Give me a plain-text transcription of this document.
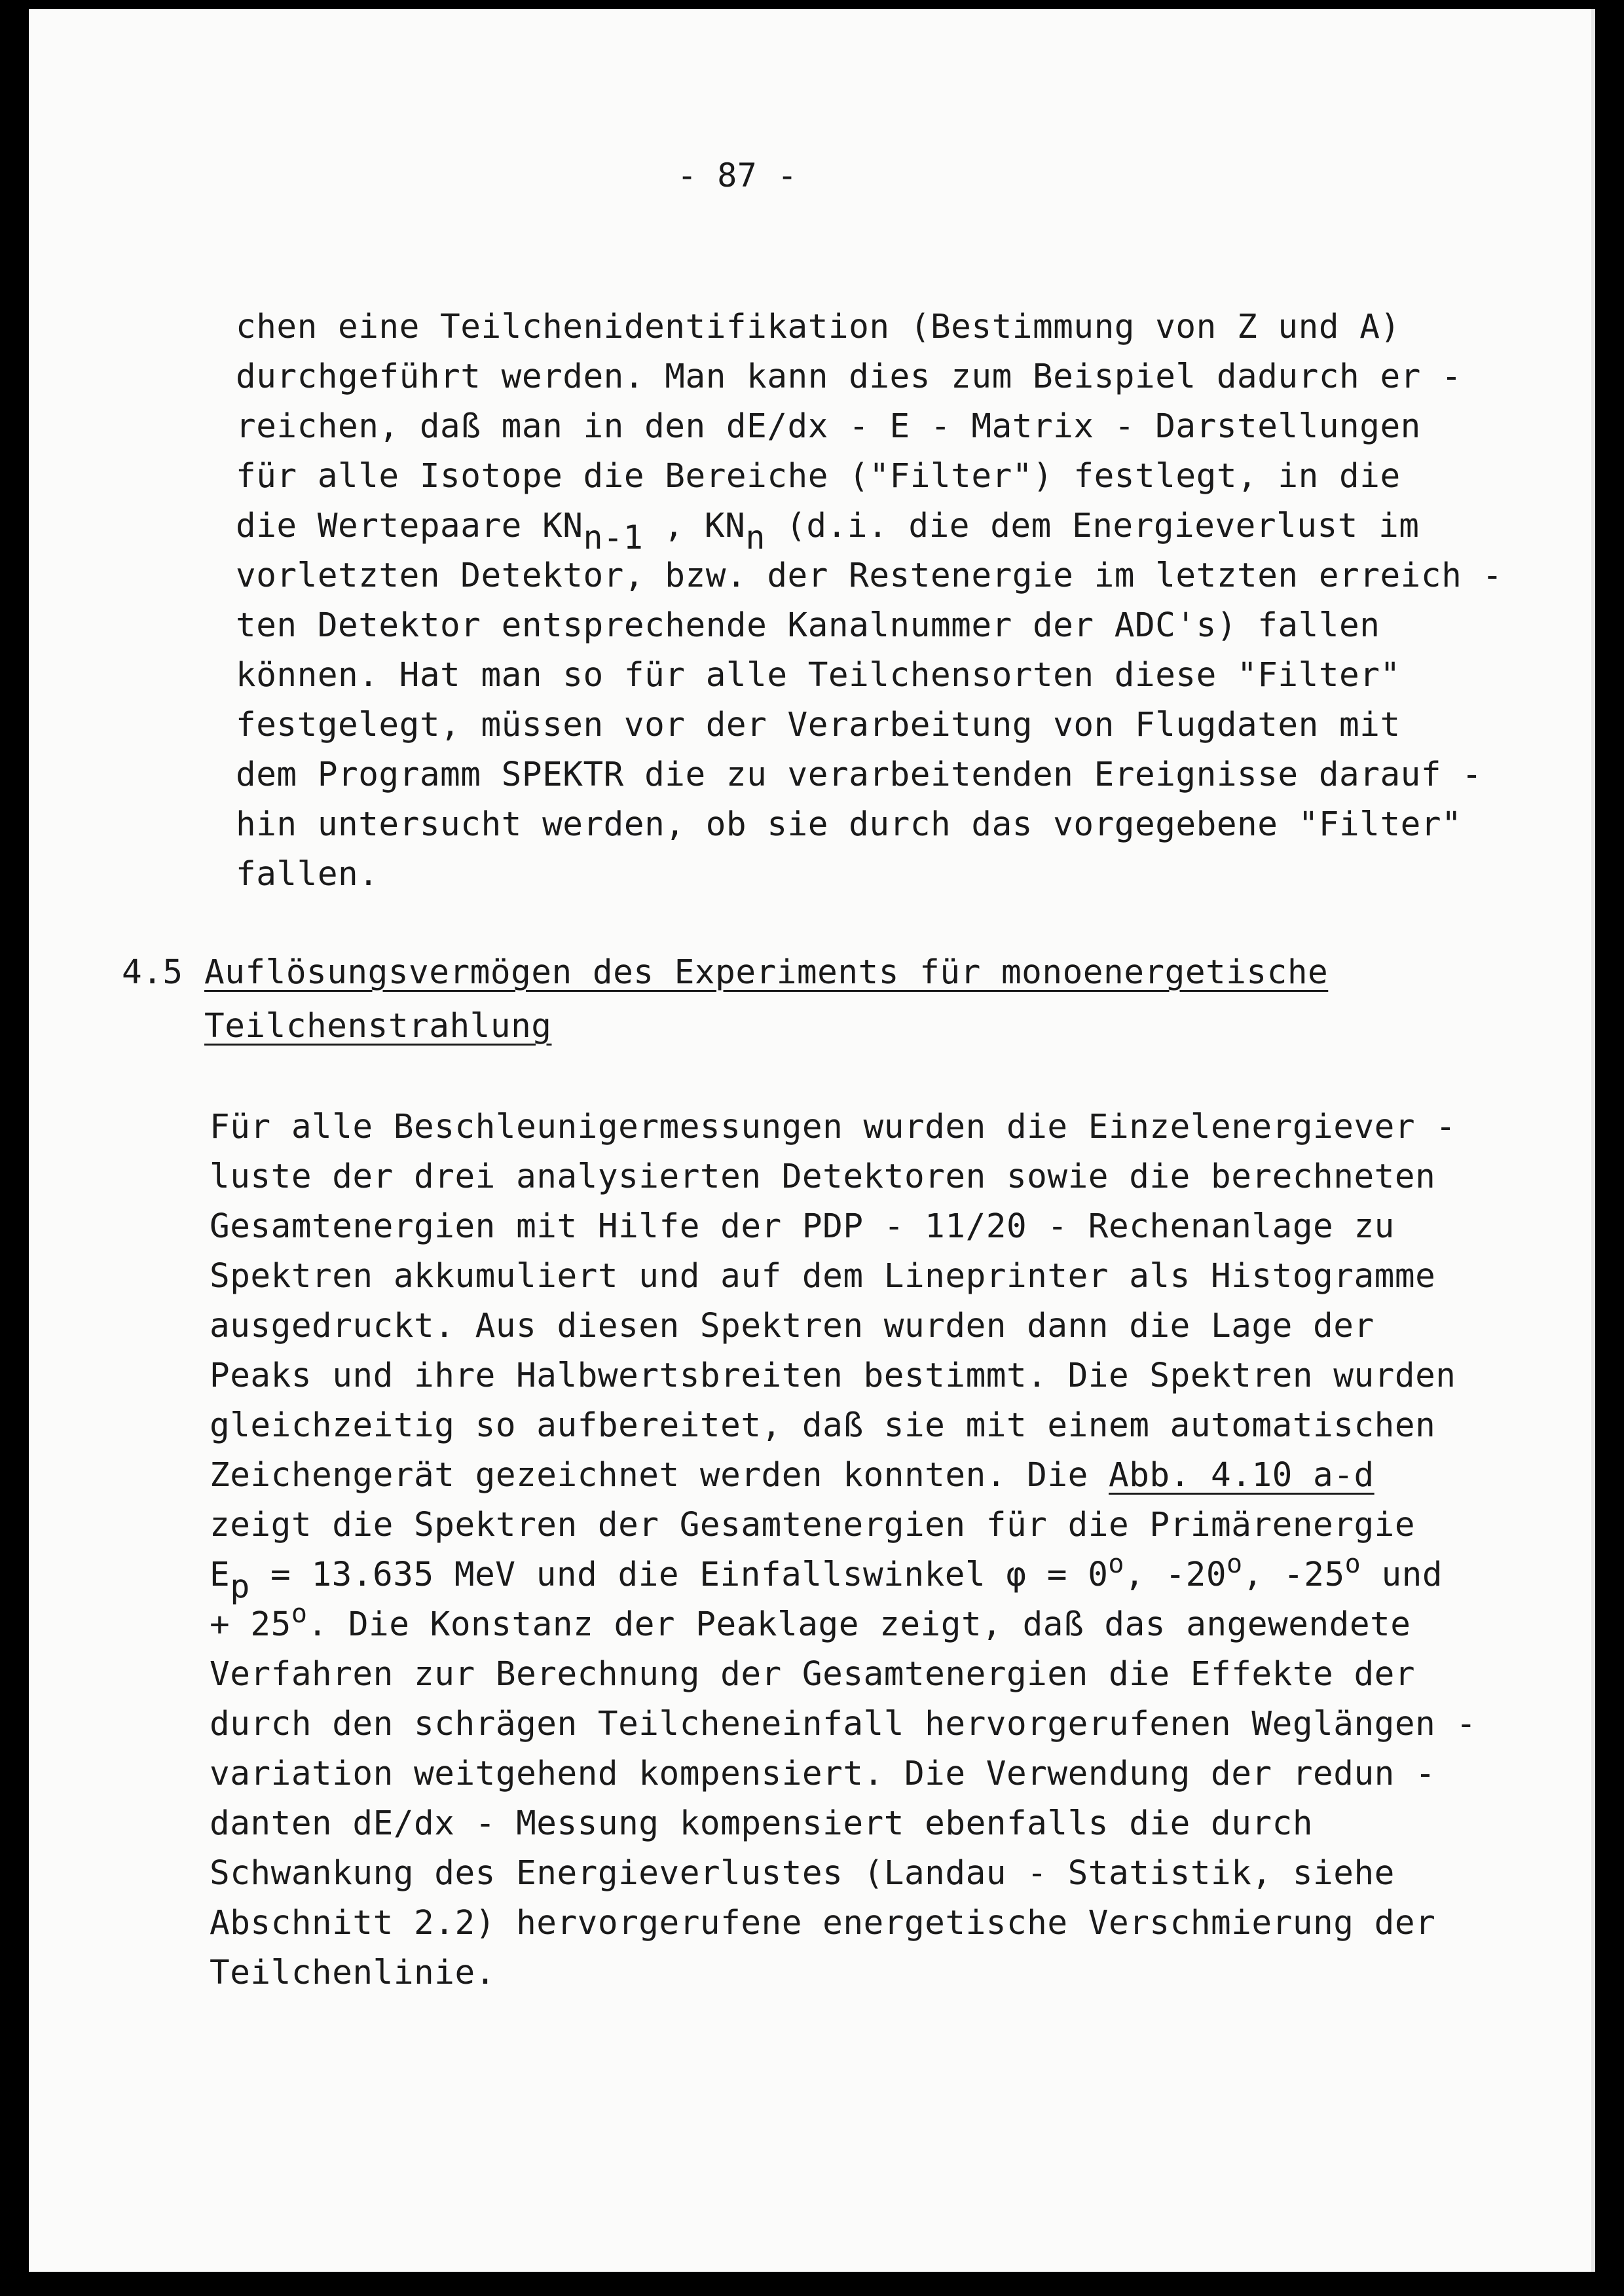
- 87 -
chen eine Teilchenidentifikation (Bestimmung von Z und A)
durchgeführt werden. Man kann dies zum Beispiel dadurch er -
reichen, daß man in den dE/dx - E - Matrix - Darstellungen
für alle Isotope die Bereiche ("Filter") festlegt, in die
die Wertepaare $KN_{n-1}$ , $KN_n$ (d.i. die dem Energieverlust im
vorletzten Detektor, bzw. der Restenergie im letzten erreich -
ten Detektor entsprechende Kanalnummer der ADC's) fallen
können. Hat man so für alle Teilchensorten diese "Filter"
festgelegt, müssen vor der Verarbeitung von Flugdaten mit
dem Programm SPEKTR die zu verarbeitenden Ereignisse darauf -
hin untersucht werden, ob sie durch das vorgegebene "Filter"
fallen.
4.5 Auflösungsvermögen des Experiments für monoenergetische
Teilchenstrahlung
Für alle Beschleunigermessungen wurden die Einzelenergiever -
luste der drei analysierten Detektoren sowie die berechneten
Gesamtenergien mit Hilfe der PDP - 11/20 - Rechenanlage zu
Spektren akkumuliert und auf dem Lineprinter als Histogramme
ausgedruckt. Aus diesen Spektren wurden dann die Lage der
Peaks und ihre Halbwertsbreiten bestimmt. Die Spektren wurden
gleichzeitig so aufbereitet, daß sie mit einem automatischen
Zeichengerät gezeichnet werden konnten. Die Abb. 4.10 a-d
zeigt die Spektren der Gesamtenergien für die Primärenergie
$E_p = 13.635$ MeV und die Einfallswinkel $\varphi = 0^o$, -20$^o$, -25$^o$ und
+ $25^o$. Die Konstanz der Peaklage zeigt, daß das angewendete
Verfahren zur Berechnung der Gesamtenergien die Effekte der
durch den schrägen Teilcheneinfall hervorgerufenen Weglängen -
variation weitgehend kompensiert. Die Verwendung der redun -
danten dE/dx - Messung kompensiert ebenfalls die durch
Schwankung des Energieverlustes (Landau - Statistik, siehe
Abschnitt 2.2) hervorgerufene energetische Verschmierung der
Teilchenlinie.
